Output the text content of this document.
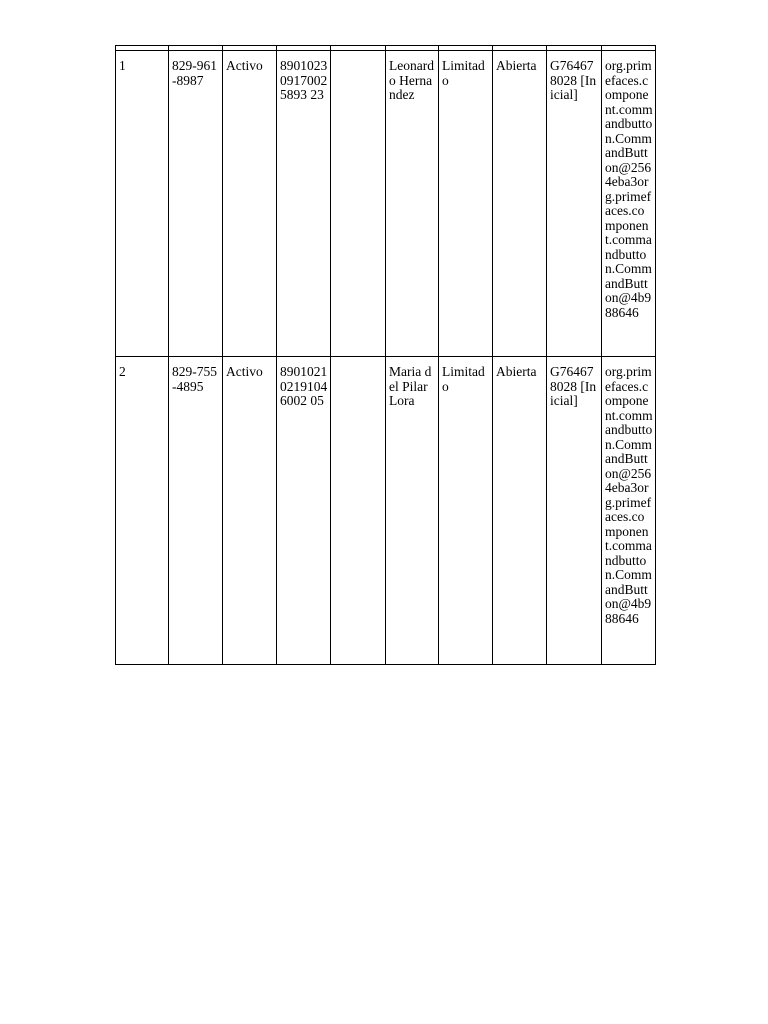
1	829-961-8987	Activo	890102309170025893 23		Leonardo Hernandez	Limitado	Abierta	G764678028 [Inicial]	org.primefaces.component.commandbutton.CommandButton@2564eba3org.primefaces.component.commandbutton.CommandButton@4b988646
2	829-755-4895	Activo	890102102191046002 05		Maria del Pilar Lora	Limitado	Abierta	G764678028 [Inicial]	org.primefaces.component.commandbutton.CommandButton@2564eba3org.primefaces.component.commandbutton.CommandButton@4b988646
